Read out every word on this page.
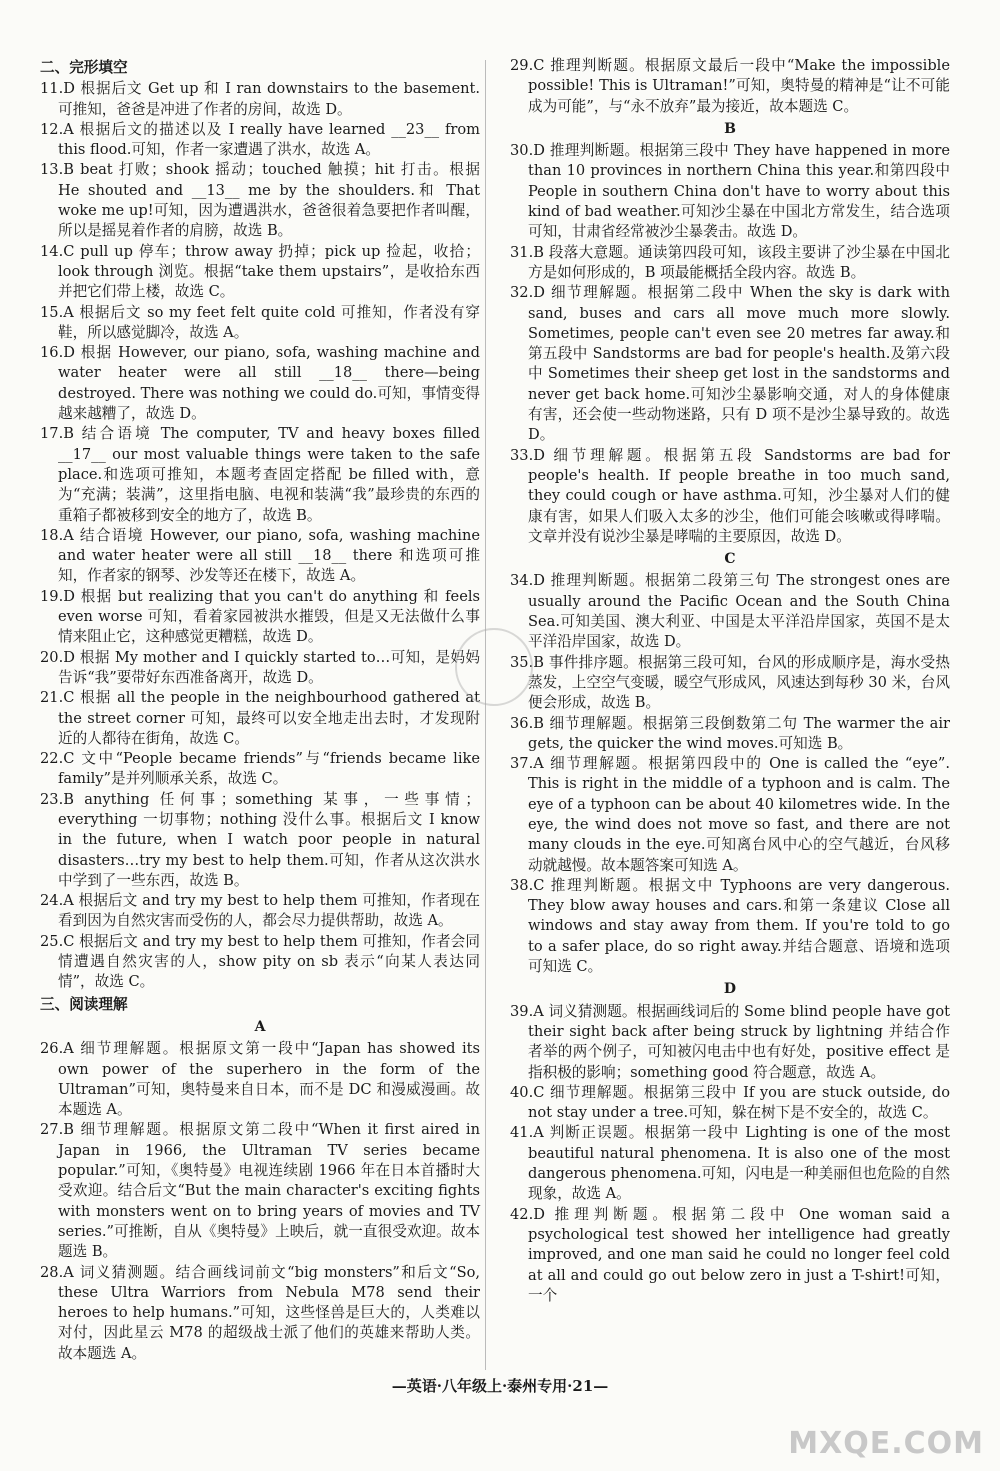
二、完形填空
11.D 根据后文 Get up 和 I ran downstairs to the basement.可推知，爸爸是冲进了作者的房间，故选 D。
12.A 根据后文的描述以及 I really have learned __23__ from this flood.可知，作者一家遭遇了洪水，故选 A。
13.B beat 打败；shook 摇动；touched 触摸；hit 打击。根据 He shouted and __13__ me by the shoulders.和 That woke me up!可知，因为遭遇洪水，爸爸很着急要把作者叫醒，所以是摇晃着作者的肩膀，故选 B。
14.C pull up 停车；throw away 扔掉；pick up 捡起，收拾；look through 浏览。根据“take them upstairs”，是收拾东西并把它们带上楼，故选 C。
15.A 根据后文 so my feet felt quite cold 可推知，作者没有穿鞋，所以感觉脚冷，故选 A。
16.D 根据 However, our piano, sofa, washing machine and water heater were all still __18__ there—being destroyed. There was nothing we could do.可知，事情变得越来越糟了，故选 D。
17.B 结合语境 The computer, TV and heavy boxes filled __17__ our most valuable things were taken to the safe place.和选项可推知，本题考查固定搭配 be filled with，意为“充满；装满”，这里指电脑、电视和装满“我”最珍贵的东西的重箱子都被移到安全的地方了，故选 B。
18.A 结合语境 However, our piano, sofa, washing machine and water heater were all still __18__ there 和选项可推知，作者家的钢琴、沙发等还在楼下，故选 A。
19.D 根据 but realizing that you can't do anything 和 feels even worse 可知，看着家园被洪水摧毁，但是又无法做什么事情来阻止它，这种感觉更糟糕，故选 D。
20.D 根据 My mother and I quickly started to…可知，是妈妈告诉“我”要带好东西准备离开，故选 D。
21.C 根据 all the people in the neighbourhood gathered at the street corner 可知，最终可以安全地走出去时，才发现附近的人都待在街角，故选 C。
22.C 文中“People became friends”与“friends became like family”是并列顺承关系，故选 C。
23.B anything 任何事；something 某事，一些事情；everything 一切事物；nothing 没什么事。根据后文 I know in the future, when I watch poor people in natural disasters…try my best to help them.可知，作者从这次洪水中学到了一些东西，故选 B。
24.A 根据后文 and try my best to help them 可推知，作者现在看到因为自然灾害而受伤的人，都会尽力提供帮助，故选 A。
25.C 根据后文 and try my best to help them 可推知，作者会同情遭遇自然灾害的人，show pity on sb 表示“向某人表达同情”，故选 C。
三、阅读理解
A
26.A 细节理解题。根据原文第一段中“Japan has showed its own power of the superhero in the form of the Ultraman”可知，奥特曼来自日本，而不是 DC 和漫威漫画。故本题选 A。
27.B 细节理解题。根据原文第二段中“When it first aired in Japan in 1966, the Ultraman TV series became popular.”可知，《奥特曼》电视连续剧 1966 年在日本首播时大受欢迎。结合后文“But the main character's exciting fights with monsters went on to bring years of movies and TV series.”可推断，自从《奥特曼》上映后，就一直很受欢迎。故本题选 B。
28.A 词义猜测题。结合画线词前文“big monsters”和后文“So, these Ultra Warriors from Nebula M78 send their heroes to help humans.”可知，这些怪兽是巨大的，人类难以对付，因此星云 M78 的超级战士派了他们的英雄来帮助人类。故本题选 A。
29.C 推理判断题。根据原文最后一段中“Make the impossible possible! This is Ultraman!”可知，奥特曼的精神是“让不可能成为可能”，与“永不放弃”最为接近，故本题选 C。
B
30.D 推理判断题。根据第三段中 They have happened in more than 10 provinces in northern China this year.和第四段中 People in southern China don't have to worry about this kind of bad weather.可知沙尘暴在中国北方常发生，结合选项可知，甘肃省经常被沙尘暴袭击。故选 D。
31.B 段落大意题。通读第四段可知，该段主要讲了沙尘暴在中国北方是如何形成的，B 项最能概括全段内容。故选 B。
32.D 细节理解题。根据第二段中 When the sky is dark with sand, buses and cars all move much more slowly. Sometimes, people can't even see 20 metres far away.和第五段中 Sandstorms are bad for people's health.及第六段中 Sometimes their sheep get lost in the sandstorms and never get back home.可知沙尘暴影响交通，对人的身体健康有害，还会使一些动物迷路，只有 D 项不是沙尘暴导致的。故选 D。
33.D 细节理解题。根据第五段 Sandstorms are bad for people's health. If people breathe in too much sand, they could cough or have asthma.可知，沙尘暴对人们的健康有害，如果人们吸入太多的沙尘，他们可能会咳嗽或得哮喘。文章并没有说沙尘暴是哮喘的主要原因，故选 D。
C
34.D 推理判断题。根据第二段第三句 The strongest ones are usually around the Pacific Ocean and the South China Sea.可知美国、澳大利亚、中国是太平洋沿岸国家，英国不是太平洋沿岸国家，故选 D。
35.B 事件排序题。根据第三段可知，台风的形成顺序是，海水受热蒸发，上空空气变暖，暖空气形成风，风速达到每秒 30 米，台风便会形成，故选 B。
36.B 细节理解题。根据第三段倒数第二句 The warmer the air gets, the quicker the wind moves.可知选 B。
37.A 细节理解题。根据第四段中的 One is called the “eye”. This is right in the middle of a typhoon and is calm. The eye of a typhoon can be about 40 kilometres wide. In the eye, the wind does not move so fast, and there are not many clouds in the eye.可知离台风中心的空气越近，台风移动就越慢。故本题答案可知选 A。
38.C 推理判断题。根据文中 Typhoons are very dangerous. They blow away houses and cars.和第一条建议 Close all windows and stay away from them. If you're told to go to a safer place, do so right away.并结合题意、语境和选项可知选 C。
D
39.A 词义猜测题。根据画线词后的 Some blind people have got their sight back after being struck by lightning 并结合作者举的两个例子，可知被闪电击中也有好处，positive effect 是指积极的影响；something good 符合题意，故选 A。
40.C 细节理解题。根据第三段中 If you are stuck outside, do not stay under a tree.可知，躲在树下是不安全的，故选 C。
41.A 判断正误题。根据第一段中 Lighting is one of the most beautiful natural phenomena. It is also one of the most dangerous phenomena.可知，闪电是一种美丽但也危险的自然现象，故选 A。
42.D 推理判断题。根据第二段中 One woman said a psychological test showed her intelligence had greatly improved, and one man said he could no longer feel cold at all and could go out below zero in just a T-shirt!可知，一个
—英语·八年级上·泰州专用·21—
MXQE.COM
